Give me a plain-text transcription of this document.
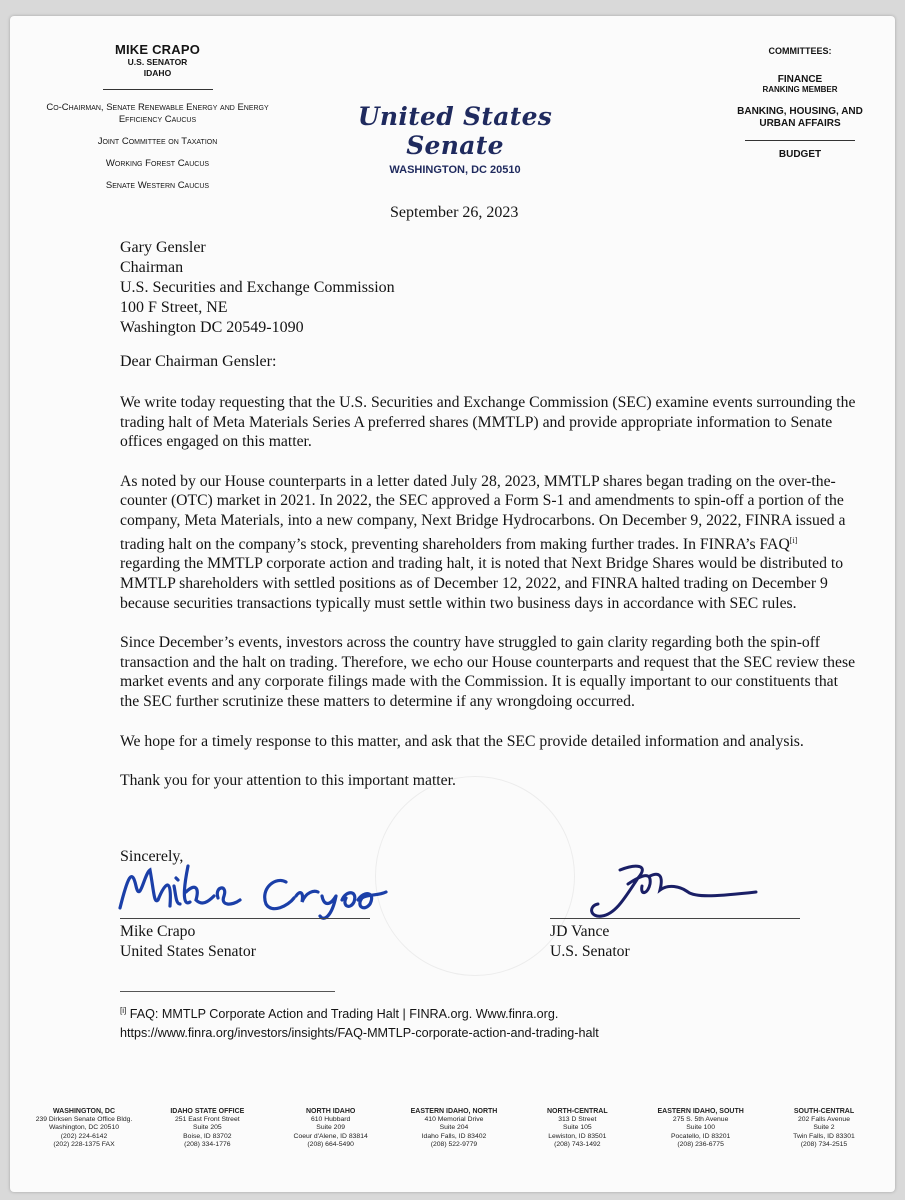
MIKE CRAPO
U.S. SENATOR
IDAHO
Co-Chairman, Senate Renewable Energy and Energy Efficiency Caucus
Joint Committee on Taxation
Working Forest Caucus
Senate Western Caucus
United States Senate
WASHINGTON, DC 20510
COMMITTEES:
FINANCE
RANKING MEMBER
BANKING, HOUSING, AND URBAN AFFAIRS
BUDGET
September 26, 2023
Gary Gensler
Chairman
U.S. Securities and Exchange Commission
100 F Street, NE
Washington DC 20549-1090
Dear Chairman Gensler:

We write today requesting that the U.S. Securities and Exchange Commission (SEC) examine events surrounding the trading halt of Meta Materials Series A preferred shares (MMTLP) and provide appropriate information to Senate offices engaged on this matter.

As noted by our House counterparts in a letter dated July 28, 2023, MMTLP shares began trading on the over-the-counter (OTC) market in 2021. In 2022, the SEC approved a Form S-1 and amendments to spin-off a portion of the company, Meta Materials, into a new company, Next Bridge Hydrocarbons. On December 9, 2022, FINRA issued a trading halt on the company’s stock, preventing shareholders from making further trades. In FINRA’s FAQ[i] regarding the MMTLP corporate action and trading halt, it is noted that Next Bridge Shares would be distributed to MMTLP shareholders with settled positions as of December 12, 2022, and FINRA halted trading on December 9 because securities transactions typically must settle within two business days in accordance with SEC rules.

Since December’s events, investors across the country have struggled to gain clarity regarding both the spin-off transaction and the halt on trading. Therefore, we echo our House counterparts and request that the SEC review these market events and any corporate filings made with the Commission. It is equally important to our constituents that the SEC further scrutinize these matters to determine if any wrongdoing occurred.

We hope for a timely response to this matter, and ask that the SEC provide detailed information and analysis.

Thank you for your attention to this important matter.

Sincerely,
Mike Crapo
United States Senator
JD Vance
U.S. Senator
[i] FAQ: MMTLP Corporate Action and Trading Halt | FINRA.org. Www.finra.org.
https://www.finra.org/investors/insights/FAQ-MMTLP-corporate-action-and-trading-halt
WASHINGTON, DC
239 Dirksen Senate Office Bldg.
Washington, DC 20510
(202) 224-6142
(202) 228-1375 FAX
IDAHO STATE OFFICE
251 East Front Street
Suite 205
Boise, ID 83702
(208) 334-1776
NORTH IDAHO
610 Hubbard
Suite 209
Coeur d'Alene, ID 83814
(208) 664-5490
EASTERN IDAHO, NORTH
410 Memorial Drive
Suite 204
Idaho Falls, ID 83402
(208) 522-9779
NORTH-CENTRAL
313 D Street
Suite 105
Lewiston, ID 83501
(208) 743-1492
EASTERN IDAHO, SOUTH
275 S. 5th Avenue
Suite 100
Pocatello, ID 83201
(208) 236-6775
SOUTH-CENTRAL
202 Falls Avenue
Suite 2
Twin Falls, ID 83301
(208) 734-2515
